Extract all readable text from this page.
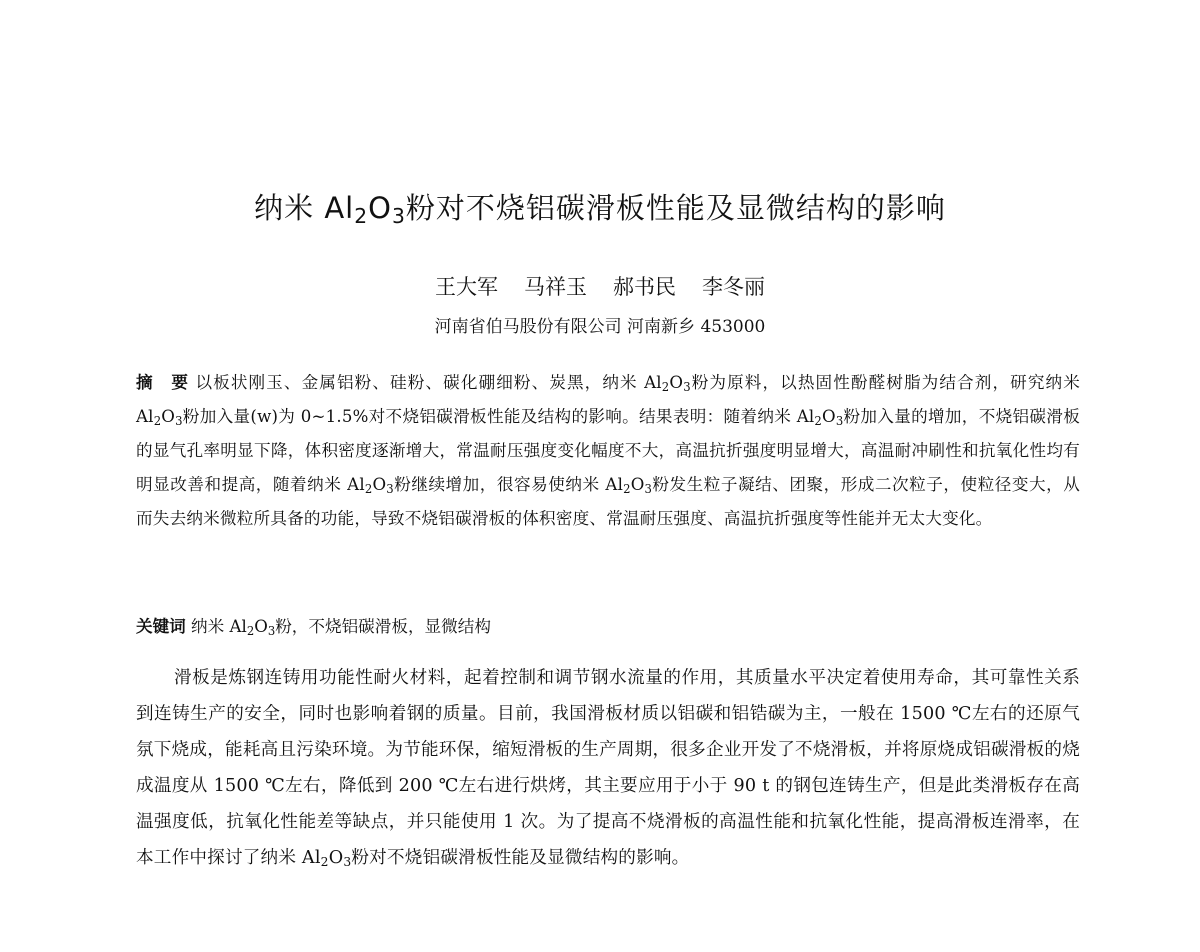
纳米 $Al_2O_3$粉对不烧铝碳滑板性能及显微结构的影响
王大军 马祥玉 郝书民 李冬丽
河南省伯马股份有限公司 河南新乡 453000
摘　要 以板状刚玉、金属铝粉、硅粉、碳化硼细粉、炭黑，纳米 $Al_2O_3$粉为原料，以热固性酚醛树脂为结合剂，研究纳米 $Al_2O_3$粉加入量(w)为 0~1.5%对不烧铝碳滑板性能及结构的影响。结果表明：随着纳米 $Al_2O_3$粉加入量的增加，不烧铝碳滑板的显气孔率明显下降，体积密度逐渐增大，常温耐压强度变化幅度不大，高温抗折强度明显增大，高温耐冲刷性和抗氧化性均有明显改善和提高，随着纳米 $Al_2O_3$粉继续增加，很容易使纳米 $Al_2O_3$粉发生粒子凝结、团聚，形成二次粒子，使粒径变大，从而失去纳米微粒所具备的功能，导致不烧铝碳滑板的体积密度、常温耐压强度、高温抗折强度等性能并无太大变化。
关键词 纳米 $Al_2O_3$粉，不烧铝碳滑板，显微结构
滑板是炼钢连铸用功能性耐火材料，起着控制和调节钢水流量的作用，其质量水平决定着使用寿命，其可靠性关系到连铸生产的安全，同时也影响着钢的质量。目前，我国滑板材质以铝碳和铝锆碳为主，一般在 1500 ℃左右的还原气氛下烧成，能耗高且污染环境。为节能环保，缩短滑板的生产周期，很多企业开发了不烧滑板，并将原烧成铝碳滑板的烧成温度从 1500 ℃左右，降低到 200 ℃左右进行烘烤，其主要应用于小于 90 t 的钢包连铸生产，但是此类滑板存在高温强度低，抗氧化性能差等缺点，并只能使用 1 次。为了提高不烧滑板的高温性能和抗氧化性能，提高滑板连滑率，在本工作中探讨了纳米 $Al_2O_3$粉对不烧铝碳滑板性能及显微结构的影响。
